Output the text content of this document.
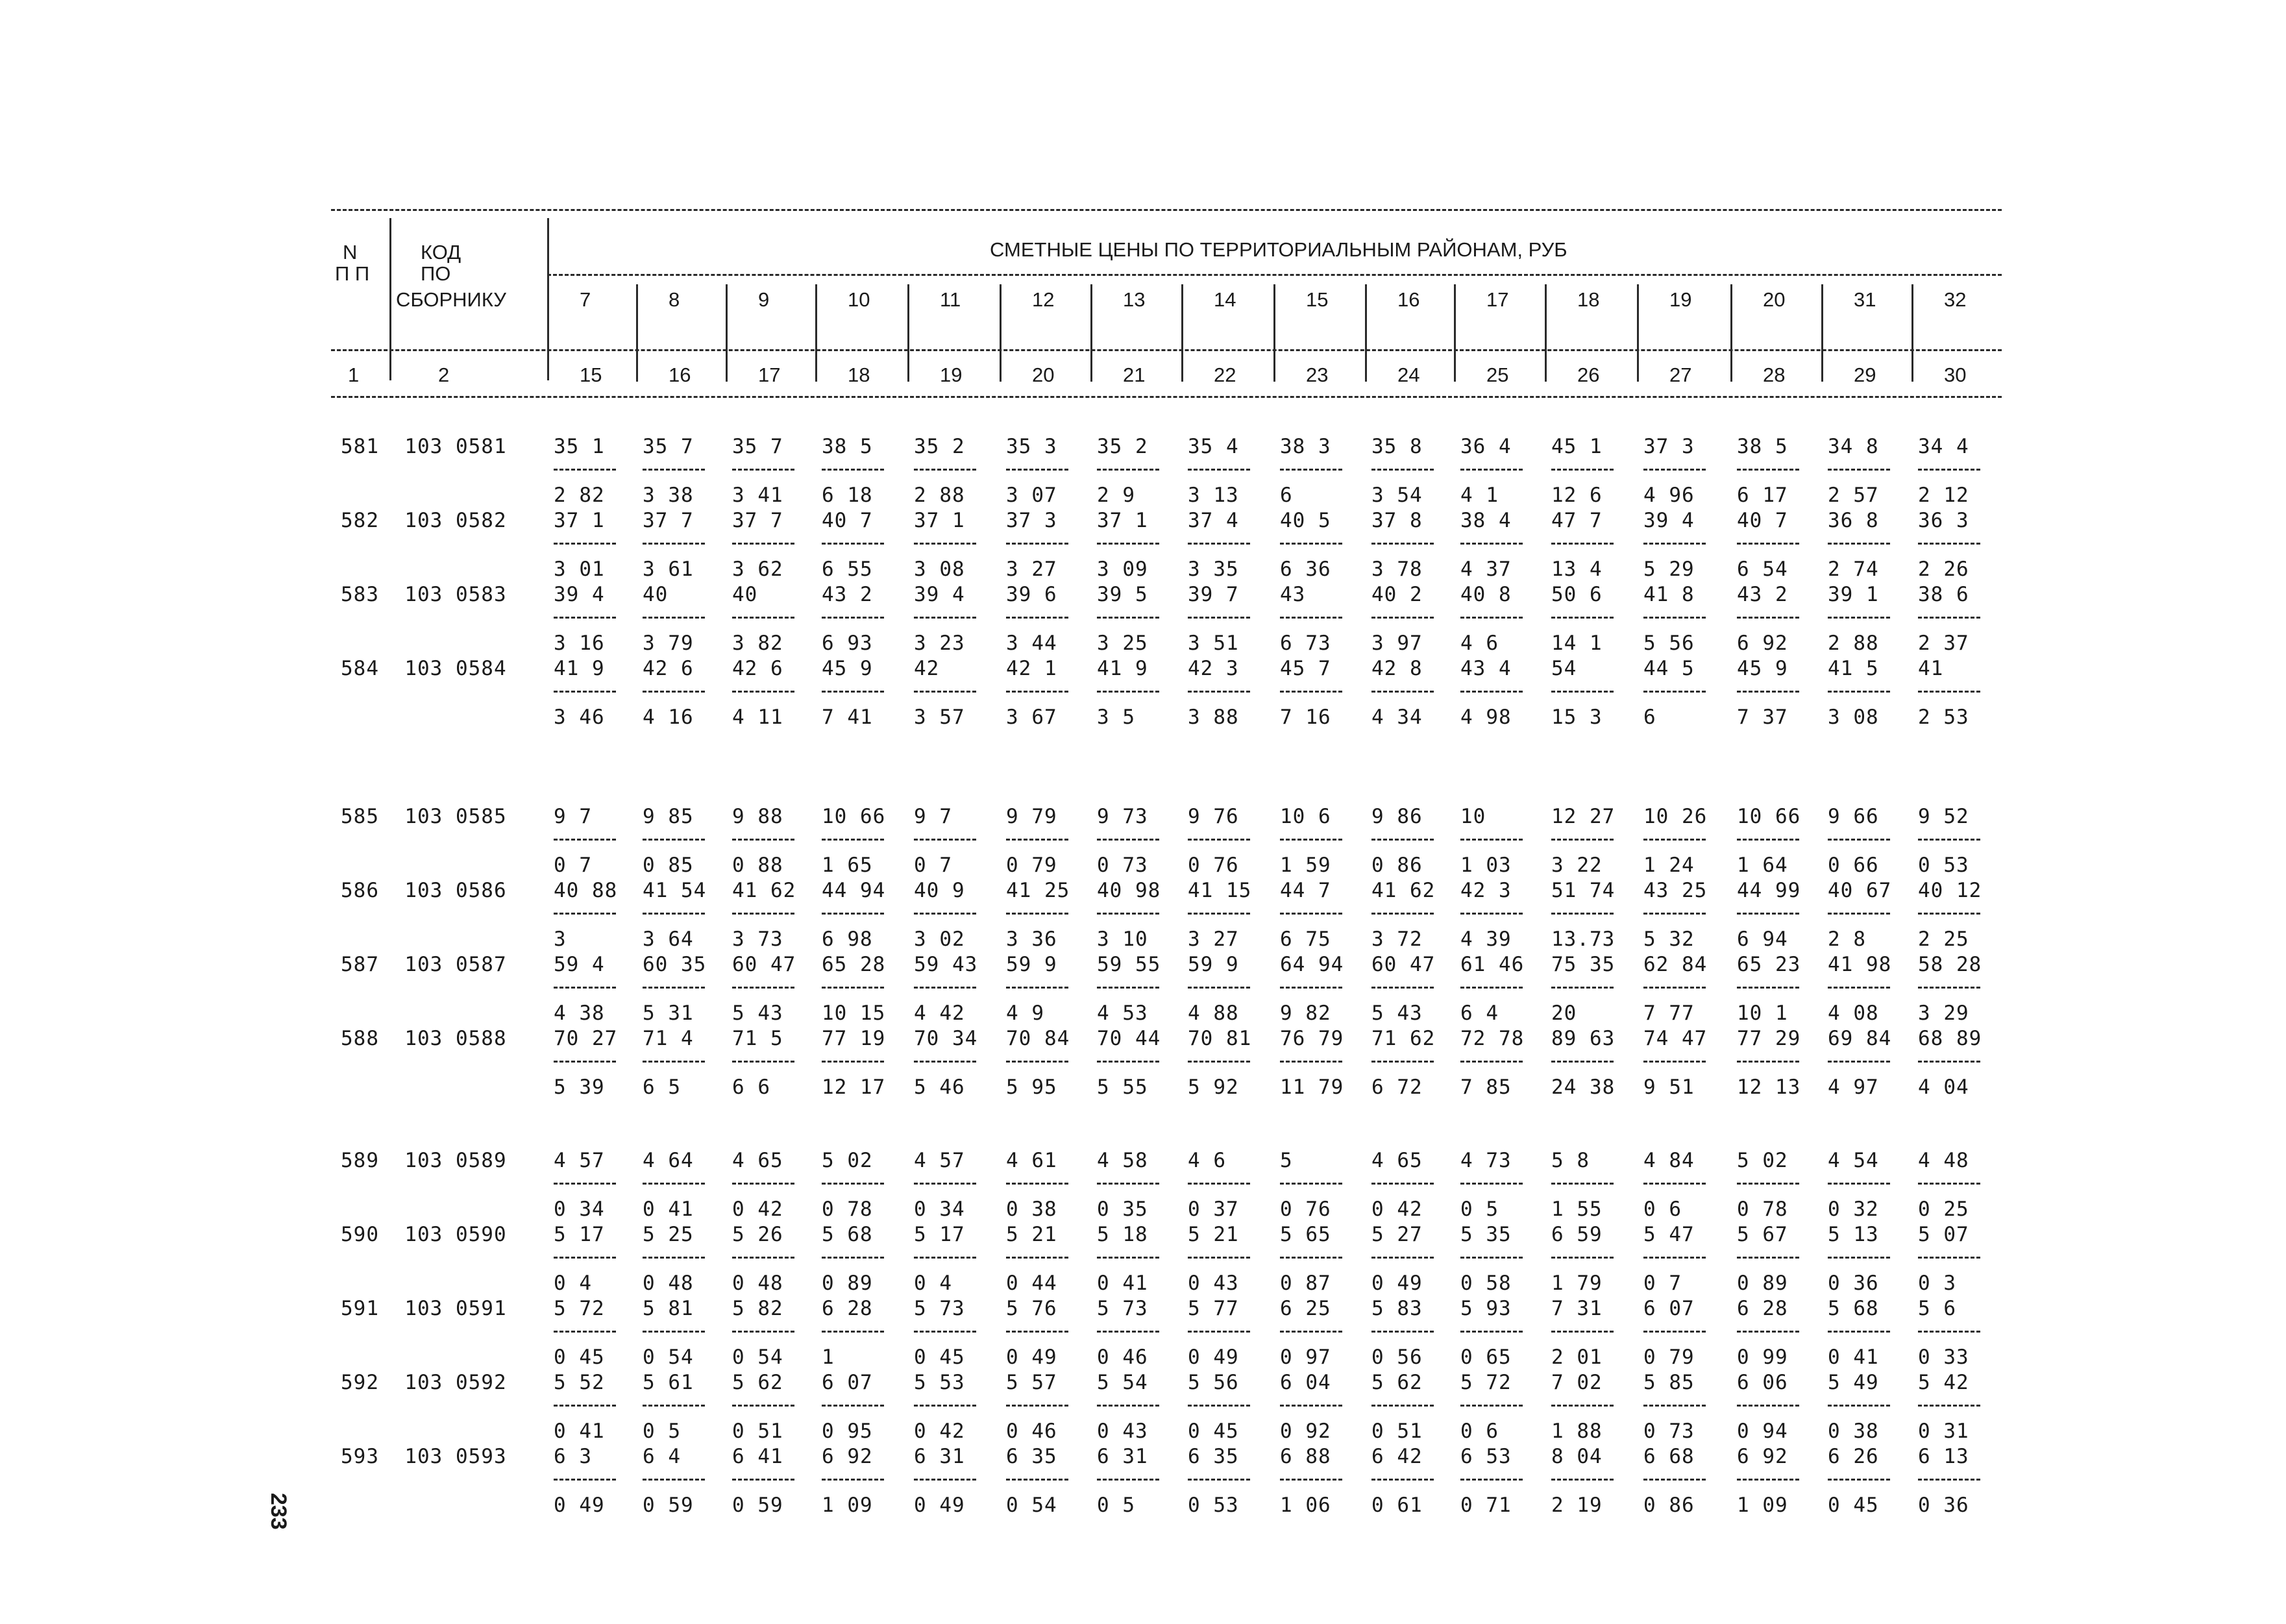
N
П П
КОД
ПО
СБОРНИКУ
СМЕТНЫЕ ЦЕНЫ ПО ТЕРРИТОРИАЛЬНЫМ РАЙОНАМ, РУБ
1	2
7
15
8
16
9
17
10
18
11
19
12
20
13
21
14
22
15
23
16
24
17
25
18
26
19
27
20
28
31
29
32
30
581 103 0581 35 1
2 82
35 7
3 38
35 7
3 41
38 5
6 18
35 2
2 88
35 3
3 07
35 2
2 9
35 4
3 13
38 3
6
35 8
3 54
36 4
4 1
45 1
12 6
37 3
4 96
38 5
6 17
34 8
2 57
34 4
2 12
582 103 0582 37 1
3 01
37 7
3 61
37 7
3 62
40 7
6 55
37 1
3 08
37 3
3 27
37 1
3 09
37 4
3 35
40 5
6 36
37 8
3 78
38 4
4 37
47 7
13 4
39 4
5 29
40 7
6 54
36 8
2 74
36 3
2 26
583 103 0583 39 4
3 16
40
3 79
40
3 82
43 2
6 93
39 4
3 23
39 6
3 44
39 5
3 25
39 7
3 51
43
6 73
40 2
3 97
40 8
4 6
50 6
14 1
41 8
5 56
43 2
6 92
39 1
2 88
38 6
2 37
584 103 0584 41 9
3 46
42 6
4 16
42 6
4 11
45 9
7 41
42
3 57
42 1
3 67
41 9
3 5
42 3
3 88
45 7
7 16
42 8
4 34
43 4
4 98
54
15 3
44 5
6
45 9
7 37
41 5
3 08
41
2 53
585 103 0585 9 7
0 7
9 85
0 85
9 88
0 88
10 66
1 65
9 7
0 7
9 79
0 79
9 73
0 73
9 76
0 76
10 6
1 59
9 86
0 86
10
1 03
12 27
3 22
10 26
1 24
10 66
1 64
9 66
0 66
9 52
0 53
586 103 0586 40 88
3
41 54
3 64
41 62
3 73
44 94
6 98
40 9
3 02
41 25
3 36
40 98
3 10
41 15
3 27
44 7
6 75
41 62
3 72
42 3
4 39
51 74
13.73
43 25
5 32
44 99
6 94
40 67
2 8
40 12
2 25
587 103 0587 59 4
4 38
60 35
5 31
60 47
5 43
65 28
10 15
59 43
4 42
59 9
4 9
59 55
4 53
59 9
4 88
64 94
9 82
60 47
5 43
61 46
6 4
75 35
20
62 84
7 77
65 23
10 1
41 98
4 08
58 28
3 29
588 103 0588 70 27
5 39
71 4
6 5
71 5
6 6
77 19
12 17
70 34
5 46
70 84
5 95
70 44
5 55
70 81
5 92
76 79
11 79
71 62
6 72
72 78
7 85
89 63
24 38
74 47
9 51
77 29
12 13
69 84
4 97
68 89
4 04
589 103 0589 4 57
0 34
4 64
0 41
4 65
0 42
5 02
0 78
4 57
0 34
4 61
0 38
4 58
0 35
4 6
0 37
5
0 76
4 65
0 42
4 73
0 5
5 8
1 55
4 84
0 6
5 02
0 78
4 54
0 32
4 48
0 25
590 103 0590 5 17
0 4
5 25
0 48
5 26
0 48
5 68
0 89
5 17
0 4
5 21
0 44
5 18
0 41
5 21
0 43
5 65
0 87
5 27
0 49
5 35
0 58
6 59
1 79
5 47
0 7
5 67
0 89
5 13
0 36
5 07
0 3
591 103 0591 5 72
0 45
5 81
0 54
5 82
0 54
6 28
1
5 73
0 45
5 76
0 49
5 73
0 46
5 77
0 49
6 25
0 97
5 83
0 56
5 93
0 65
7 31
2 01
6 07
0 79
6 28
0 99
5 68
0 41
5 6
0 33
592 103 0592 5 52
0 41
5 61
0 5
5 62
0 51
6 07
0 95
5 53
0 42
5 57
0 46
5 54
0 43
5 56
0 45
6 04
0 92
5 62
0 51
5 72
0 6
7 02
1 88
5 85
0 73
6 06
0 94
5 49
0 38
5 42
0 31
593 103 0593 6 3
0 49
6 4
0 59
6 41
0 59
6 92
1 09
6 31
0 49
6 35
0 54
6 31
0 5
6 35
0 53
6 88
1 06
6 42
0 61
6 53
0 71
8 04
2 19
6 68
0 86
6 92
1 09
6 26
0 45
6 13
0 36
233
